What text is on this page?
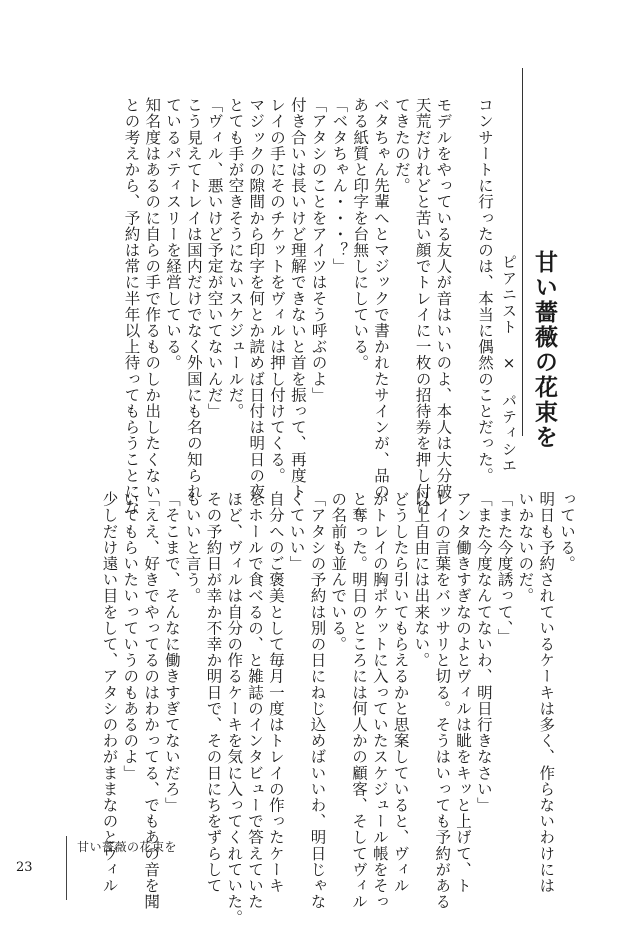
甘い薔薇の花束を
ピアニスト × パティシエ
コンサートに行ったのは、本当に偶然のことだった。
モデルをやっている友人が音はいいのよ、本人は大分破
天荒だけれどと苦い顔でトレイに一枚の招待券を押し付け
てきたのだ。
ベタちゃん先輩へとマジックで書かれたサインが、品の
ある紙質と印字を台無しにしている。
「ベタちゃん・・・？」
「アタシのことをアイツはそう呼ぶのよ」
付き合いは長いけど理解できないと首を振って、再度ト
レイの手にそのチケットをヴィルは押し付けてくる。
マジックの隙間から印字を何とか読めば日付は明日の夜、
とても手が空きそうにないスケジュールだ。
「ヴィル、悪いけど予定が空いてないんだ」
こう見えてトレイは国内だけでなく外国にも名の知られ
ているパティスリーを経営している。
知名度はあるのに自らの手で作るものしか出したくない
との考えから、予約は常に半年以上待ってもらうことにな
っている。
明日も予約されているケーキは多く、作らないわけには
いかないのだ。
「また今度誘って、」
「また今度なんてないわ、明日行きなさい」
アンタ働きすぎなのよとヴィルは眦をキッと上げて、ト
レイの言葉をバッサリと切る。そうはいっても予約がある
以上自由には出来ない。
どうしたら引いてもらえるかと思案していると、ヴィル
がトレイの胸ポケットに入っていたスケジュール帳をそっ
と奪った。明日のところには何人かの顧客、そしてヴィル
の名前も並んでいる。
「アタシの予約は別の日にねじ込めばいいわ、明日じゃな
くていい」
自分へのご褒美として毎月一度はトレイの作ったケーキ
をホールで食べるの、と雑誌のインタビューで答えていた
ほど、ヴィルは自分の作るケーキを気に入ってくれていた。
その予約日が幸か不幸か明日で、その日にちをずらして
もいいと言う。
「そこまで、そんなに働きすぎてないだろ」
「ええ、好きでやってるのはわかってる、でもあの音を聞
いてもらいたいっていうのもあるのよ」
少しだけ遠い目をして、アタシのわがままなのとヴィル
甘い薔薇の花束を
23
